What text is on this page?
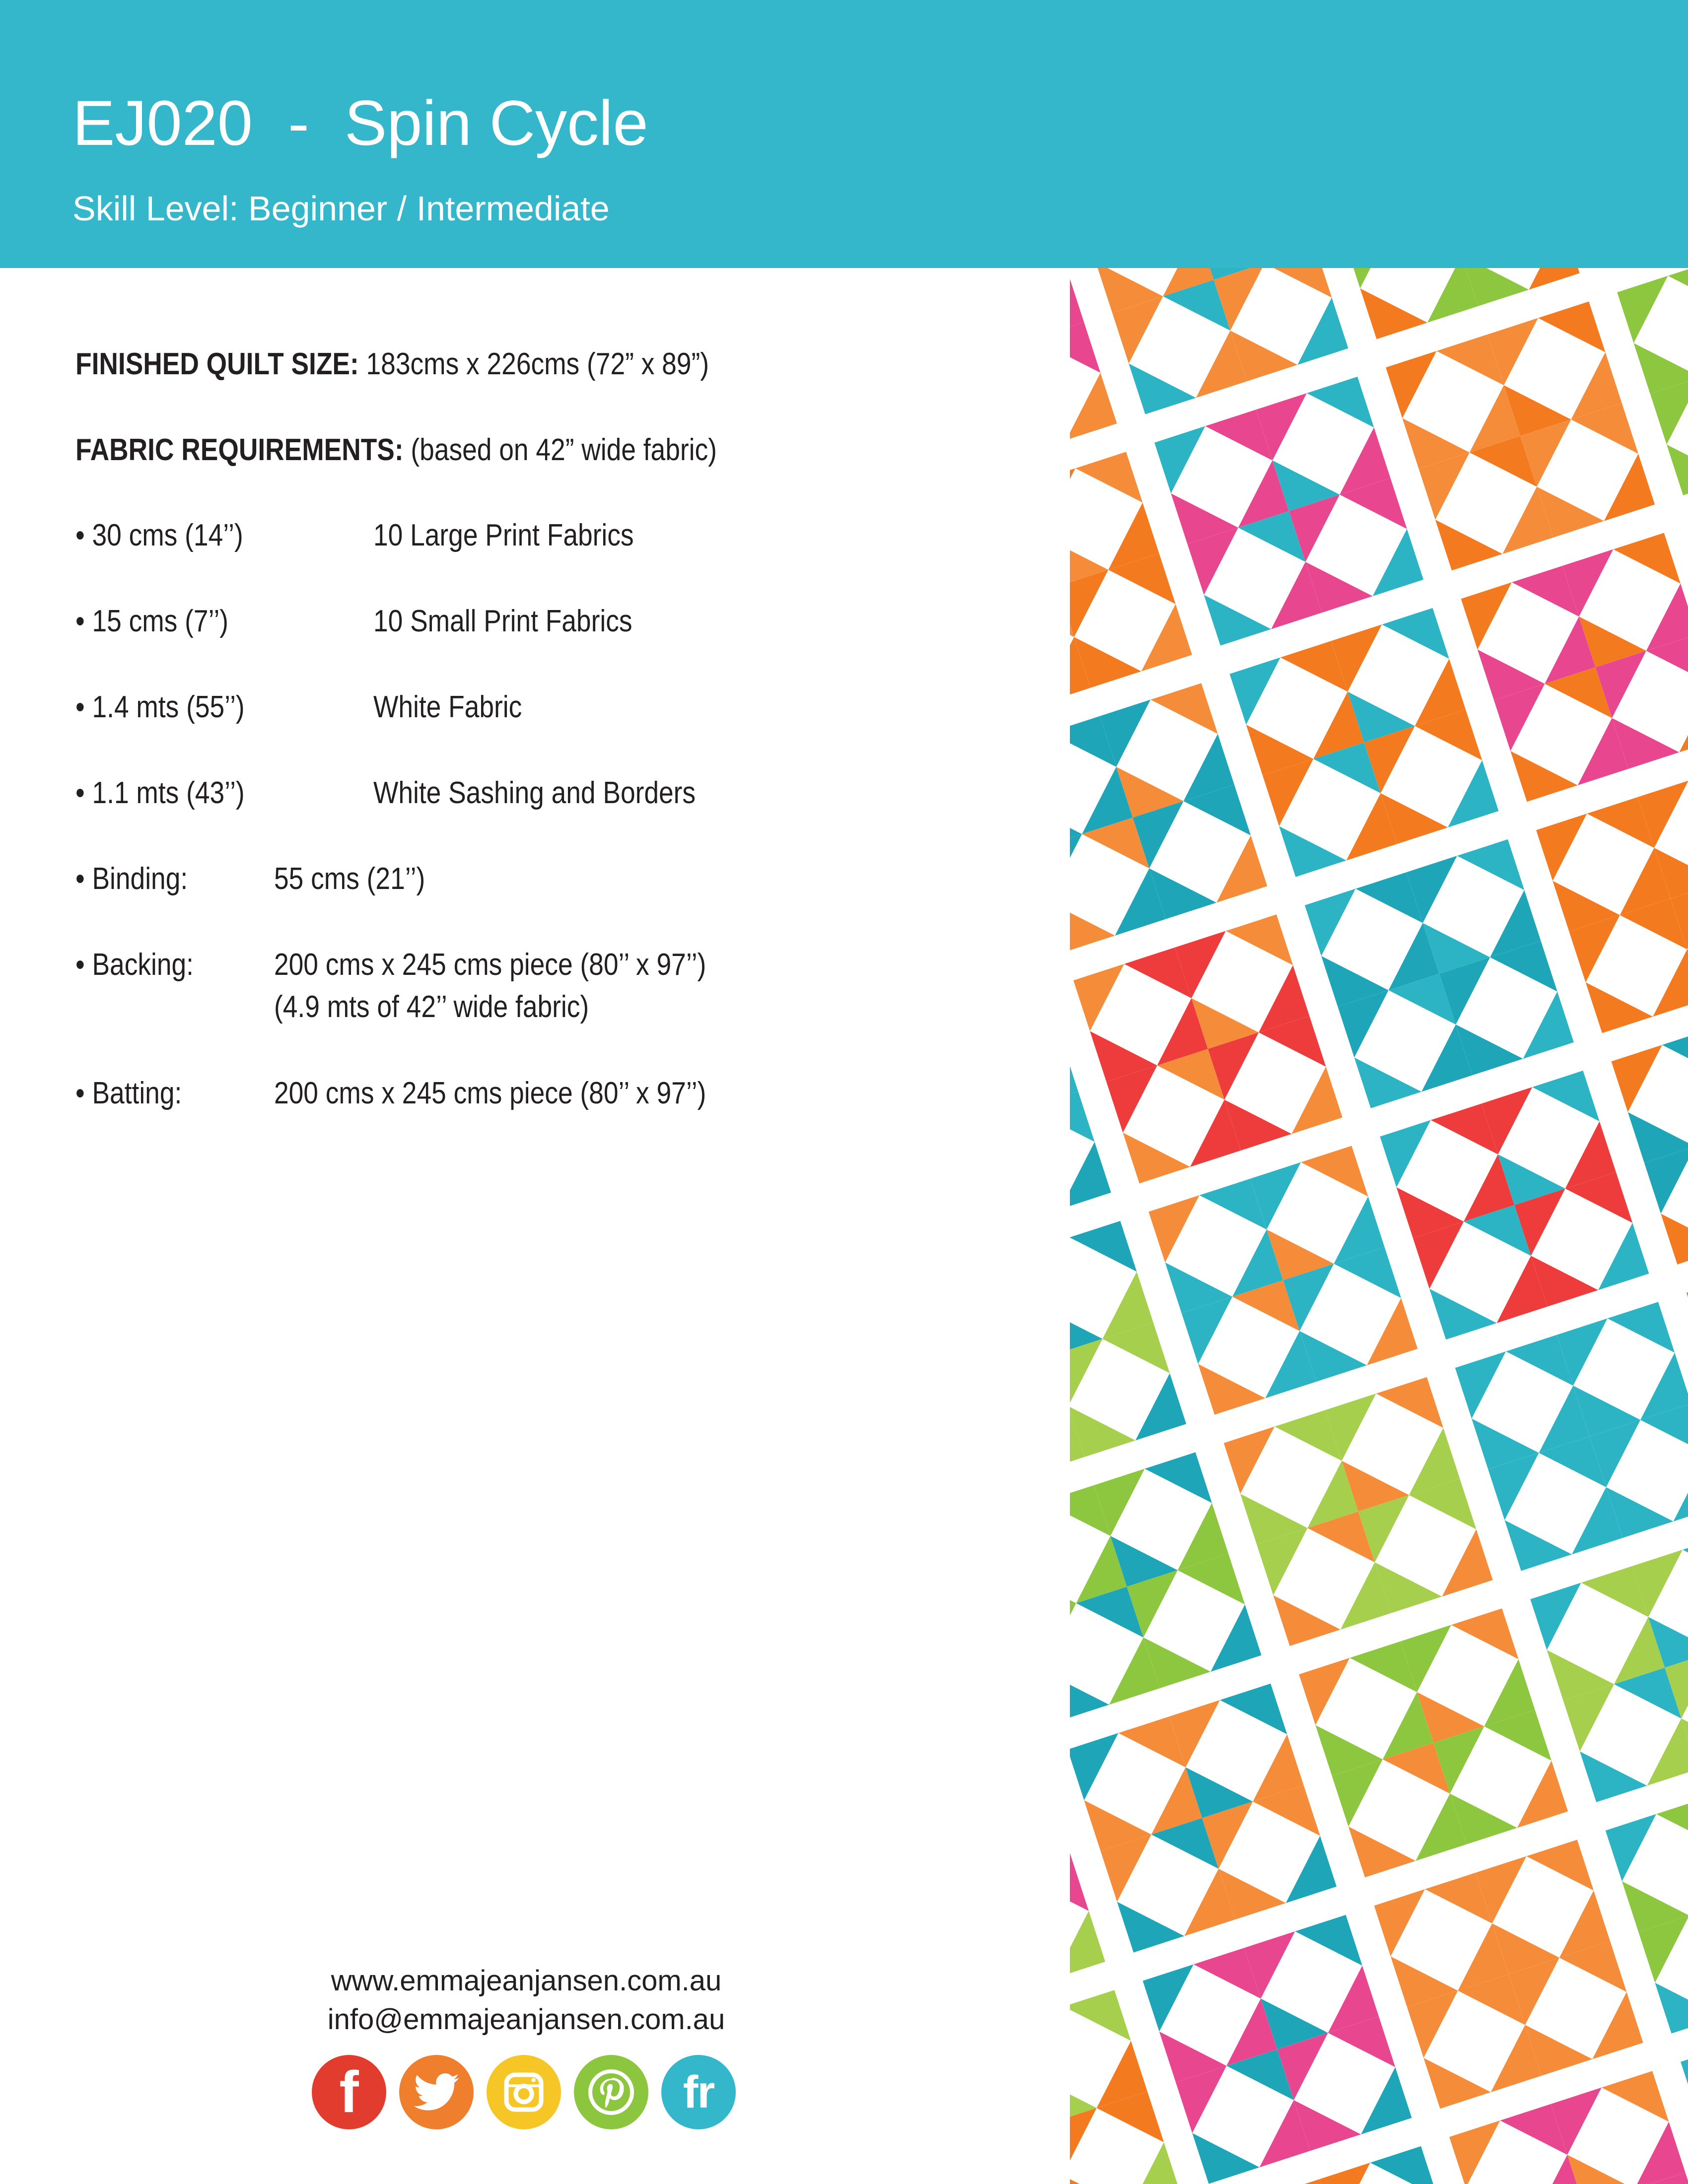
EJ020  -  Spin Cycle
Skill Level: Beginner / Intermediate
FINISHED QUILT SIZE: 183cms x 226cms (72” x 89”)
FABRIC REQUIREMENTS: (based on 42” wide fabric)
• 30 cms (14’’)	10 Large Print Fabrics
• 15 cms (7’’)	10 Small Print Fabrics
• 1.4 mts (55’’)	White Fabric
• 1.1 mts (43’’)	White Sashing and Borders
• Binding:	55 cms (21’’)
• Backing:	200 cms x 245 cms piece (80’’ x 97’’)
(4.9 mts of 42’’ wide fabric)
• Batting:	200 cms x 245 cms piece (80’’ x 97’’)
www.emmajeanjansen.com.au
info@emmajeanjansen.com.au
f	fr
